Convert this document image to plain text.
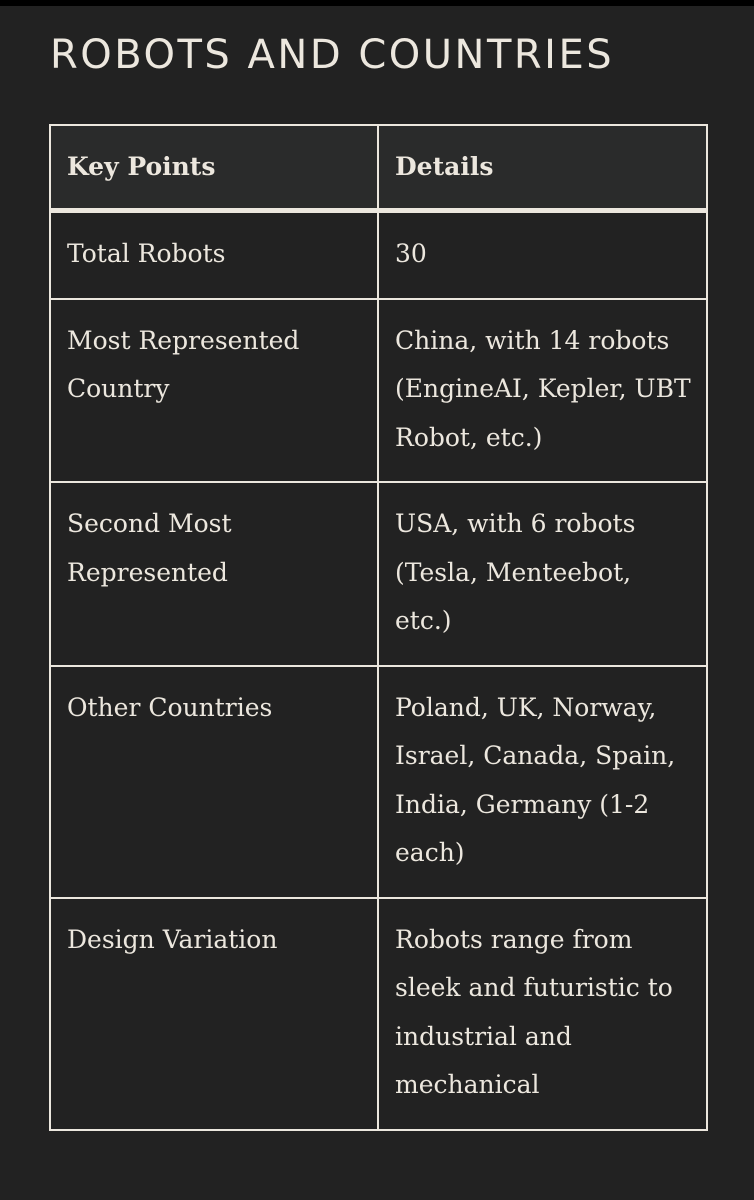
ROBOTS AND COUNTRIES
Key Points	Details
Total Robots	30
Most Represented Country	China, with 14 robots (EngineAI, Kepler, UBT Robot, etc.)
Second Most Represented	USA, with 6 robots (Tesla, Menteebot, etc.)
Other Countries	Poland, UK, Norway, Israel, Canada, Spain, India, Germany (1-2 each)
Design Variation	Robots range from sleek and futuristic to industrial and mechanical
